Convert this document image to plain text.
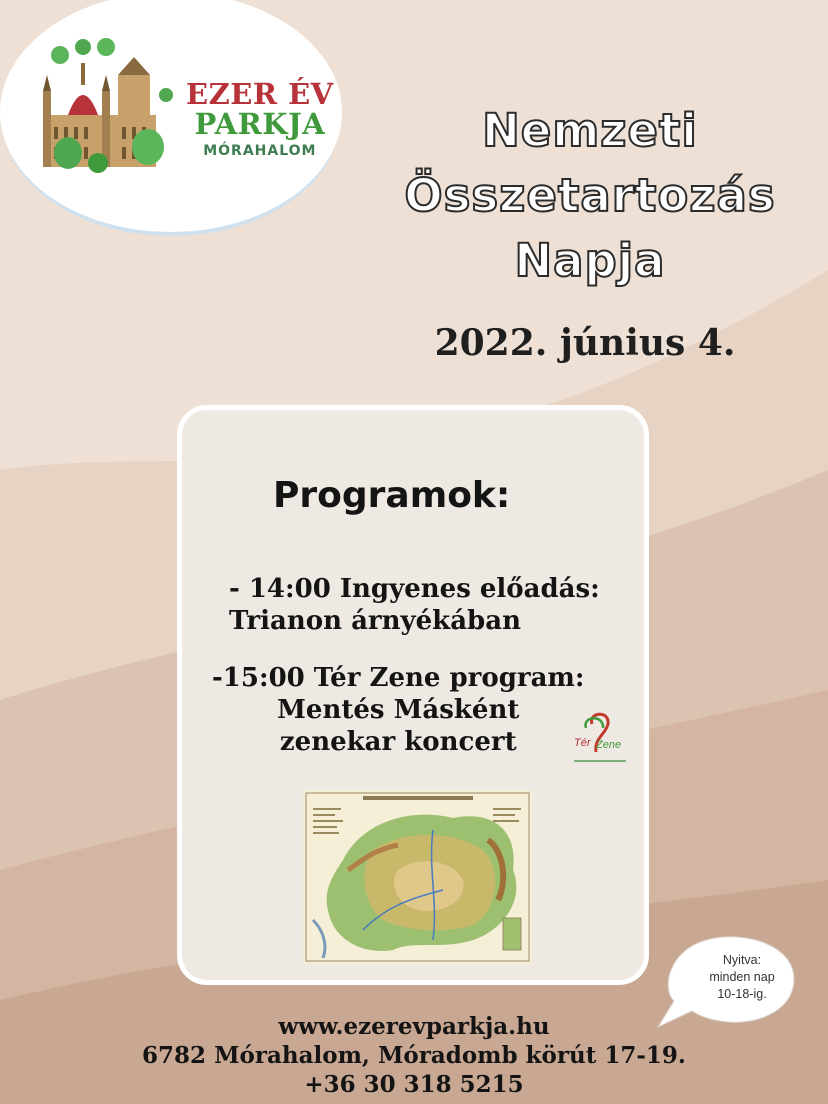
EZER ÉV
PARKJA
MÓRAHALOM	Nemzeti
Összetartozás
Napja
2022. június 4.
Programok:
- 14:00 Ingyenes előadás:
Trianon árnyékában
-15:00 Tér Zene program:
Mentés Másként
zenekar koncert	Tér Zene
Nyitva:
minden nap
10-18-ig.
www.ezerevparkja.hu
6782 Mórahalom, Móradomb körút 17-19.
+36 30 318 5215
